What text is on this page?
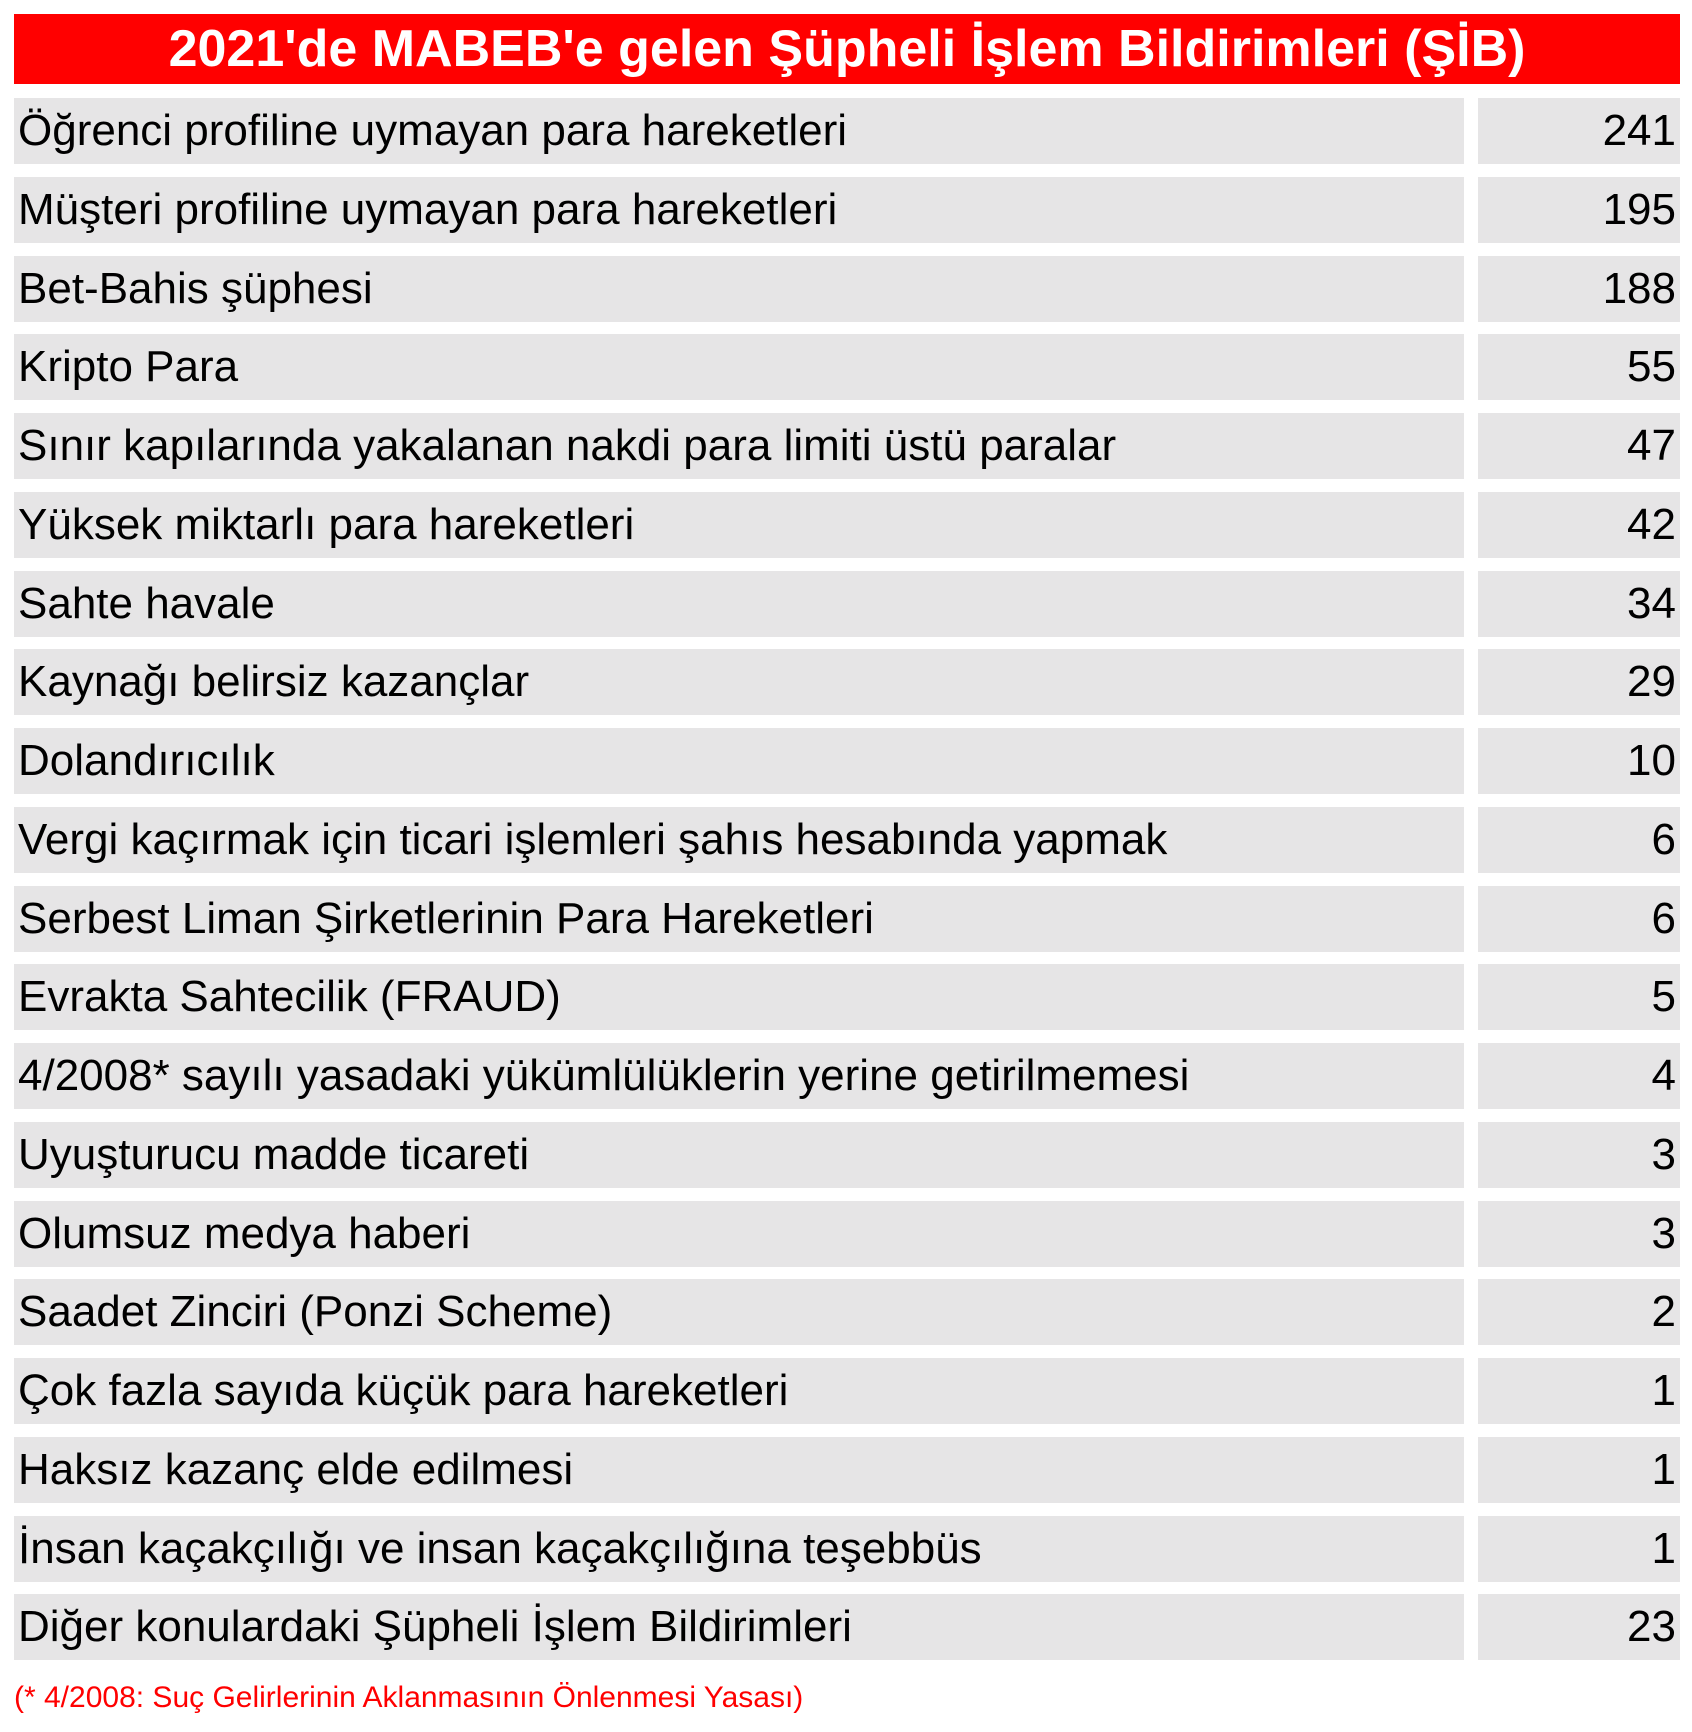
2021'de MABEB'e gelen Şüpheli İşlem Bildirimleri (ŞİB)
Öğrenci profiline uymayan para hareketleri	241
Müşteri profiline uymayan para hareketleri	195
Bet-Bahis şüphesi	188
Kripto Para	55
Sınır kapılarında yakalanan nakdi para limiti üstü paralar	47
Yüksek miktarlı para hareketleri	42
Sahte havale	34
Kaynağı belirsiz kazançlar	29
Dolandırıcılık	10
Vergi kaçırmak için ticari işlemleri şahıs hesabında yapmak	6
Serbest Liman Şirketlerinin Para Hareketleri	6
Evrakta Sahtecilik (FRAUD)	5
4/2008* sayılı yasadaki yükümlülüklerin yerine getirilmemesi	4
Uyuşturucu madde ticareti	3
Olumsuz medya haberi	3
Saadet Zinciri (Ponzi Scheme)	2
Çok fazla sayıda küçük para hareketleri	1
Haksız kazanç elde edilmesi	1
İnsan kaçakçılığı ve insan kaçakçılığına teşebbüs	1
Diğer konulardaki Şüpheli İşlem Bildirimleri	23
(* 4/2008: Suç Gelirlerinin Aklanmasının Önlenmesi Yasası)
